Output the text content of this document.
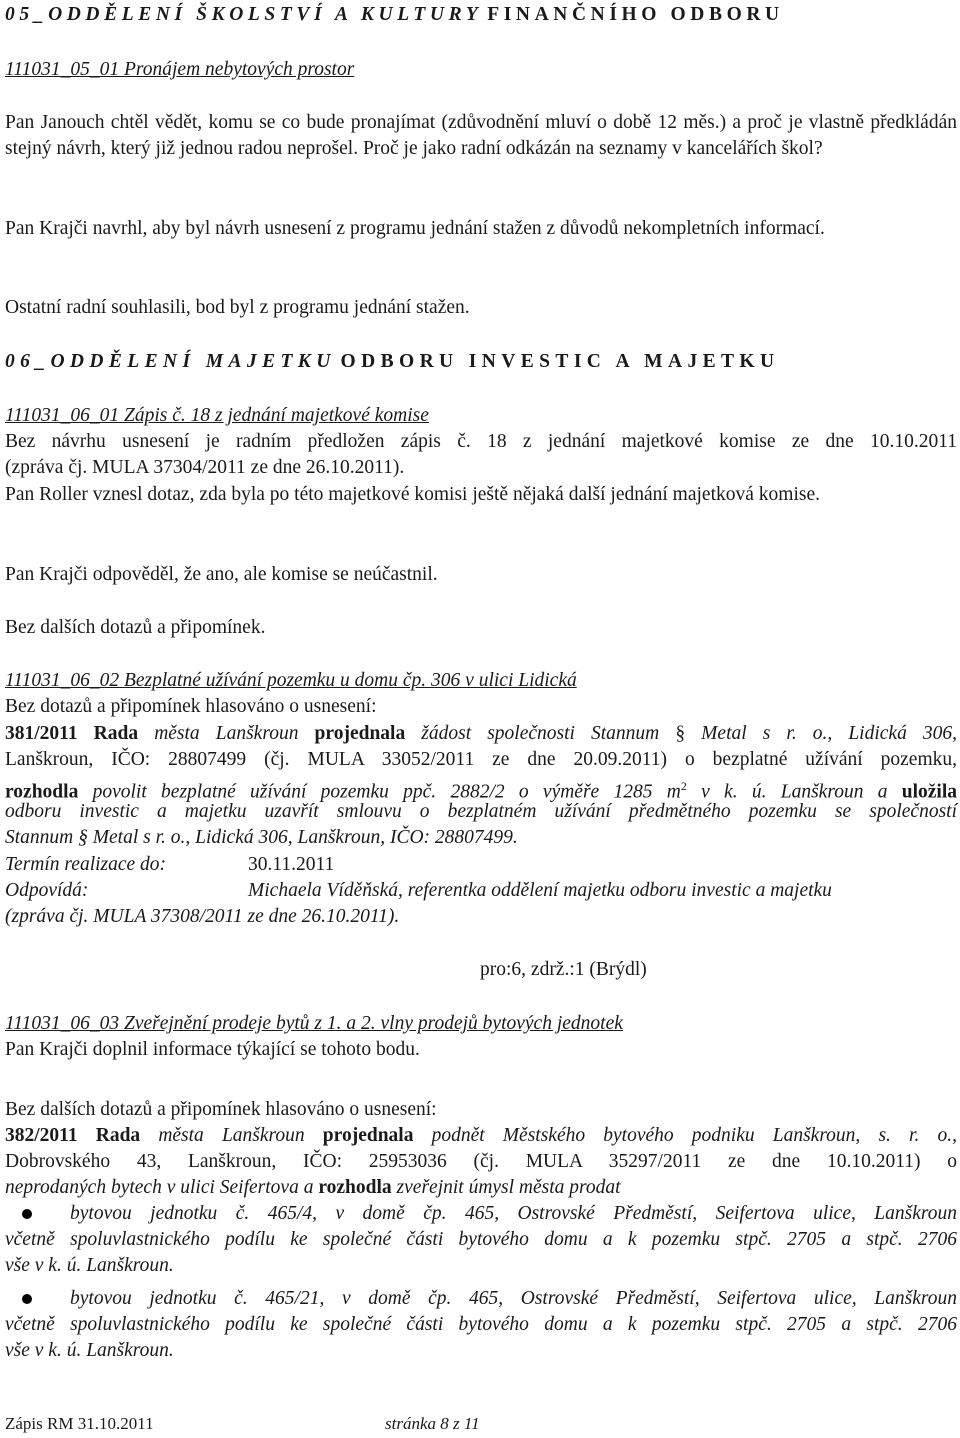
05_ODDĚLENÍ ŠKOLSTVÍ A KULTURY FINANČNÍHO ODBORU
111031_05_01 Pronájem nebytových prostor
Pan Janouch chtěl vědět, komu se co bude pronajímat (zdůvodnění mluví o době 12 měs.) a proč je vlastně předkládán stejný návrh, který již jednou radou neprošel. Proč je jako radní odkázán na seznamy v kancelářích škol?
Pan Krajči navrhl, aby byl návrh usnesení z programu jednání stažen z důvodů nekompletních informací.
Ostatní radní souhlasili, bod byl z programu jednání stažen.
06_ODDĚLENÍ MAJETKU ODBORU INVESTIC A MAJETKU
111031_06_01 Zápis č. 18 z jednání majetkové komise
Bez návrhu usnesení je radním předložen zápis č. 18 z jednání majetkové komise ze dne 10.10.2011
(zpráva čj. MULA 37304/2011 ze dne 26.10.2011).
Pan Roller vznesl dotaz, zda byla po této majetkové komisi ještě nějaká další jednání majetková komise.
Pan Krajči odpověděl, že ano, ale komise se neúčastnil.
Bez dalších dotazů a připomínek.
111031_06_02 Bezplatné užívání pozemku u domu čp. 306 v ulici Lidická
Bez dotazů a připomínek hlasováno o usnesení:
381/2011 Rada města Lanškroun projednala žádost společnosti Stannum § Metal s r. o., Lidická 306,
Lanškroun, IČO: 28807499 (čj. MULA 33052/2011 ze dne 20.09.2011) o bezplatné užívání pozemku,
rozhodla povolit bezplatné užívání pozemku ppč. 2882/2 o výměře 1285 $m^2$ v k. ú. Lanškroun a uložila
odboru investic a majetku uzavřít smlouvu o bezplatném užívání předmětného pozemku se společností
Stannum § Metal s r. o., Lidická 306, Lanškroun, IČO: 28807499.
Termín realizace do:	30.11.2011
Odpovídá:	Michaela Víděňská, referentka oddělení majetku odboru investic a majetku
(zpráva čj. MULA 37308/2011 ze dne 26.10.2011).
pro:6, zdrž.:1 (Brýdl)
111031_06_03 Zveřejnění prodeje bytů z 1. a 2. vlny prodejů bytových jednotek
Pan Krajči doplnil informace týkající se tohoto bodu.
Bez dalších dotazů a připomínek hlasováno o usnesení:
382/2011 Rada města Lanškroun projednala podnět Městského bytového podniku Lanškroun, s. r. o.,
Dobrovského 43, Lanškroun, IČO: 25953036 (čj. MULA 35297/2011 ze dne 10.10.2011) o
neprodaných bytech v ulici Seifertova a rozhodla zveřejnit úmysl města prodat
bytovou jednotku č. 465/4, v domě čp. 465, Ostrovské Předměstí, Seifertova ulice, Lanškroun
včetně spoluvlastnického podílu ke společné části bytového domu a k pozemku stpč. 2705 a stpč. 2706
vše v k. ú. Lanškroun.
bytovou jednotku č. 465/21, v domě čp. 465, Ostrovské Předměstí, Seifertova ulice, Lanškroun
včetně spoluvlastnického podílu ke společné části bytového domu a k pozemku stpč. 2705 a stpč. 2706
vše v k. ú. Lanškroun.
Zápis RM 31.10.2011	stránka 8 z 11
